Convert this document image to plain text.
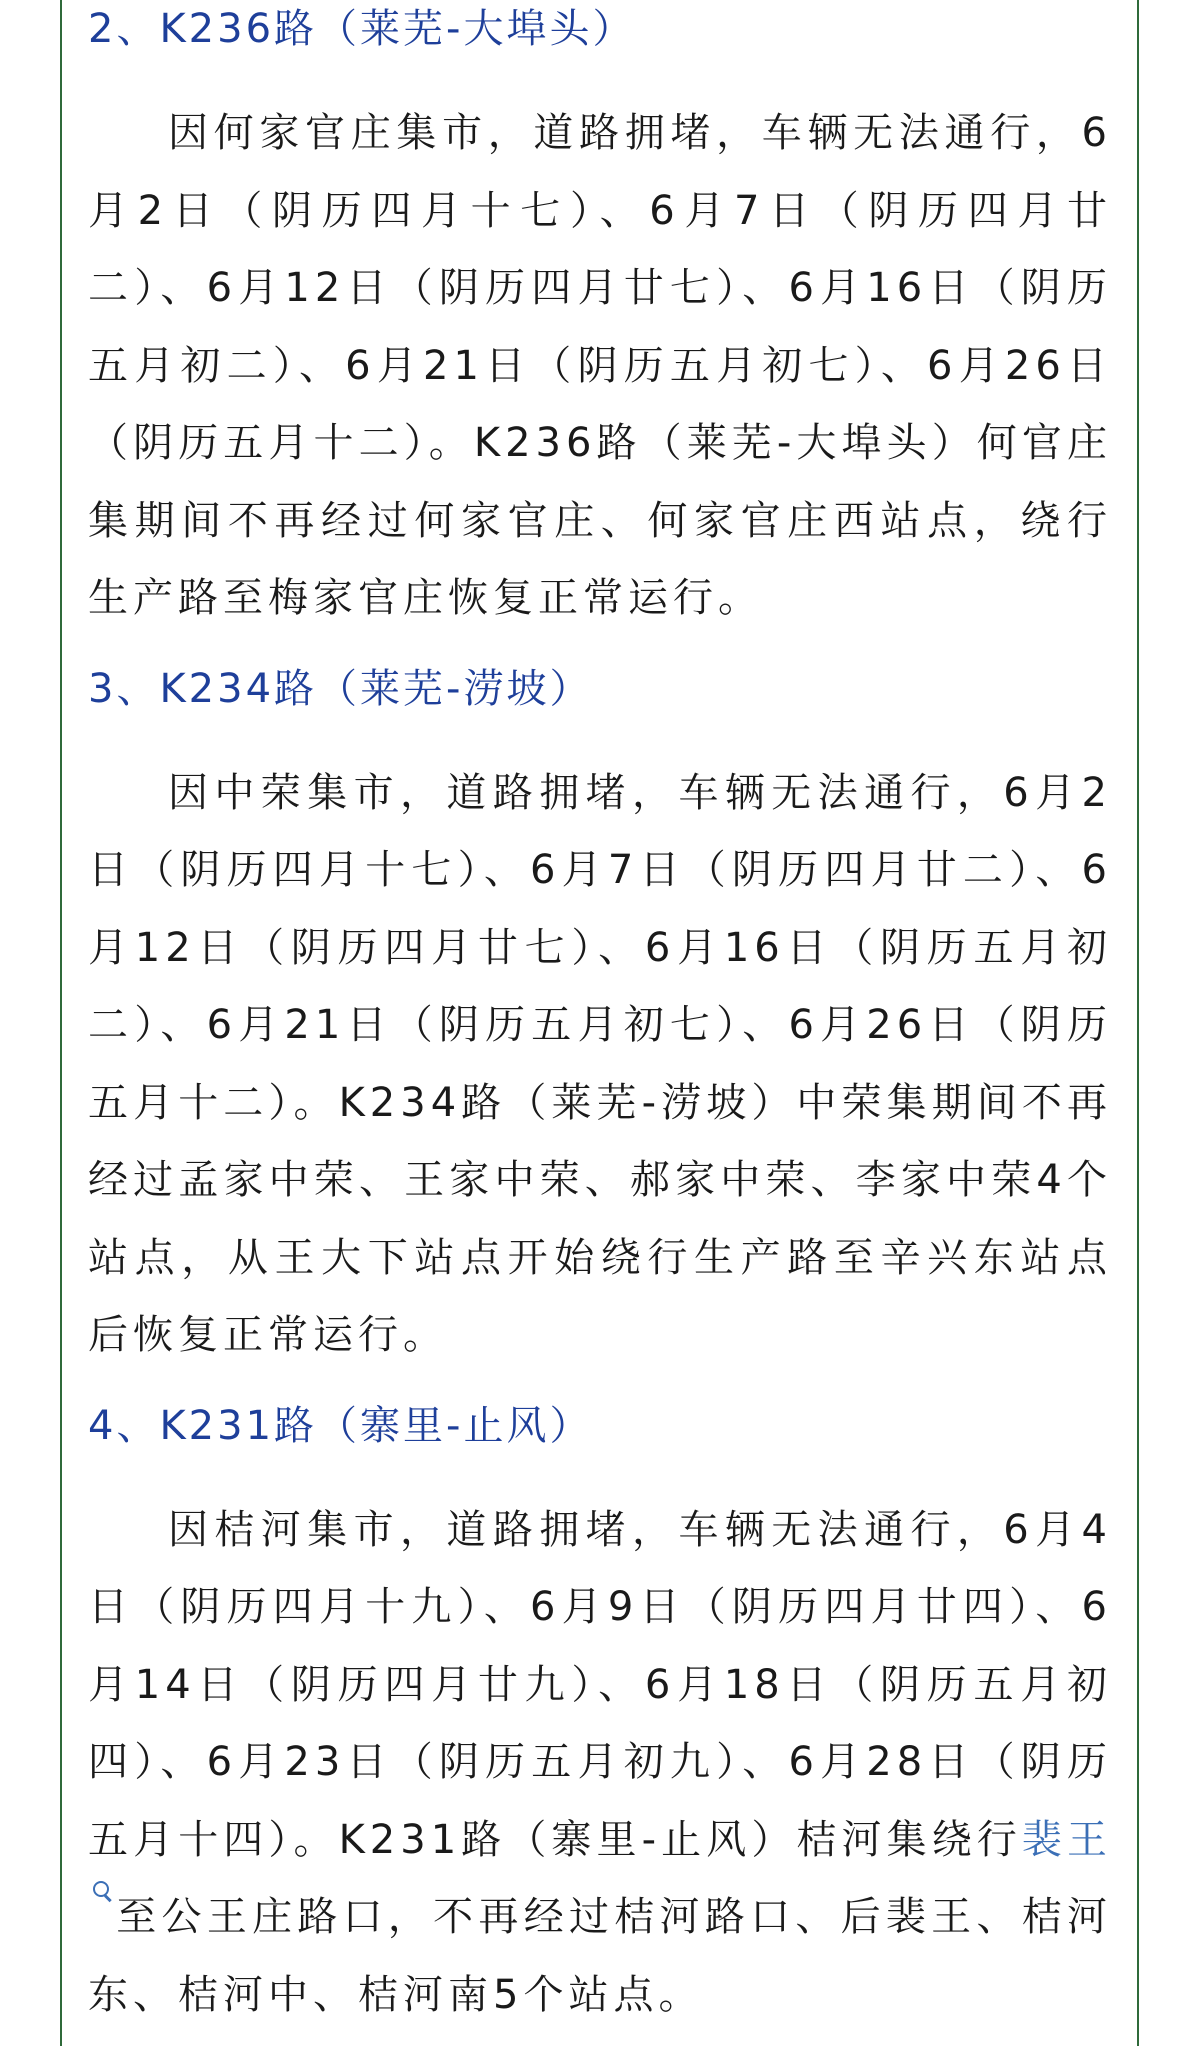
2、K236路（莱芜-大埠头）

因何家官庄集市，道路拥堵，车辆无法通行，6月2日（阴历四月十七）、6月7日（阴历四月廿二）、6月12日（阴历四月廿七）、6月16日（阴历五月初二）、6月21日（阴历五月初七）、6月26日（阴历五月十二）。K236路（莱芜-大埠头）何官庄集期间不再经过何家官庄、何家官庄西站点，绕行生产路至梅家官庄恢复正常运行。

3、K234路（莱芜-涝坡）

因中荣集市，道路拥堵，车辆无法通行，6月2日（阴历四月十七）、6月7日（阴历四月廿二）、6月12日（阴历四月廿七）、6月16日（阴历五月初二）、6月21日（阴历五月初七）、6月26日（阴历五月十二）。K234路（莱芜-涝坡）中荣集期间不再经过孟家中荣、王家中荣、郝家中荣、李家中荣4个站点，从王大下站点开始绕行生产路至辛兴东站点后恢复正常运行。

4、K231路（寨里-止风）

因桔河集市，道路拥堵，车辆无法通行，6月4日（阴历四月十九）、6月9日（阴历四月廿四）、6月14日（阴历四月廿九）、6月18日（阴历五月初四）、6月23日（阴历五月初九）、6月28日（阴历五月十四）。K231路（寨里-止风）桔河集绕行裴王至公王庄路口，不再经过桔河路口、后裴王、桔河东、桔河中、桔河南5个站点。
